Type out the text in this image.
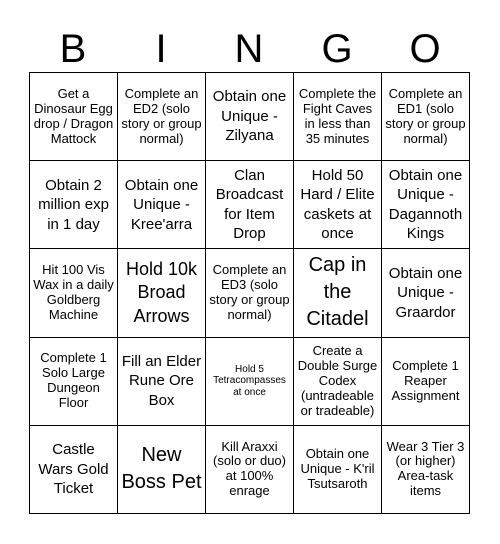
B	I	N	G	O
Get a Dinosaur Egg drop / Dragon Mattock	Complete an ED2 (solo story or group normal)	Obtain one Unique - Zilyana	Complete the Fight Caves in less than 35 minutes	Complete an ED1 (solo story or group normal)
Obtain 2 million exp in 1 day	Obtain one Unique - Kree'arra	Clan Broadcast for Item Drop	Hold 50 Hard / Elite caskets at once	Obtain one Unique - Dagannoth Kings
Hit 100 Vis Wax in a daily Goldberg Machine	Hold 10k Broad Arrows	Complete an ED3 (solo story or group normal)	Cap in the Citadel	Obtain one Unique - Graardor
Complete 1 Solo Large Dungeon Floor	Fill an Elder Rune Ore Box	Hold 5 Tetracompasses at once	Create a Double Surge Codex (untradeable or tradeable)	Complete 1 Reaper Assignment
Castle Wars Gold Ticket	New Boss Pet	Kill Araxxi (solo or duo) at 100% enrage	Obtain one Unique - K'ril Tsutsaroth	Wear 3 Tier 3 (or higher) Area-task items
